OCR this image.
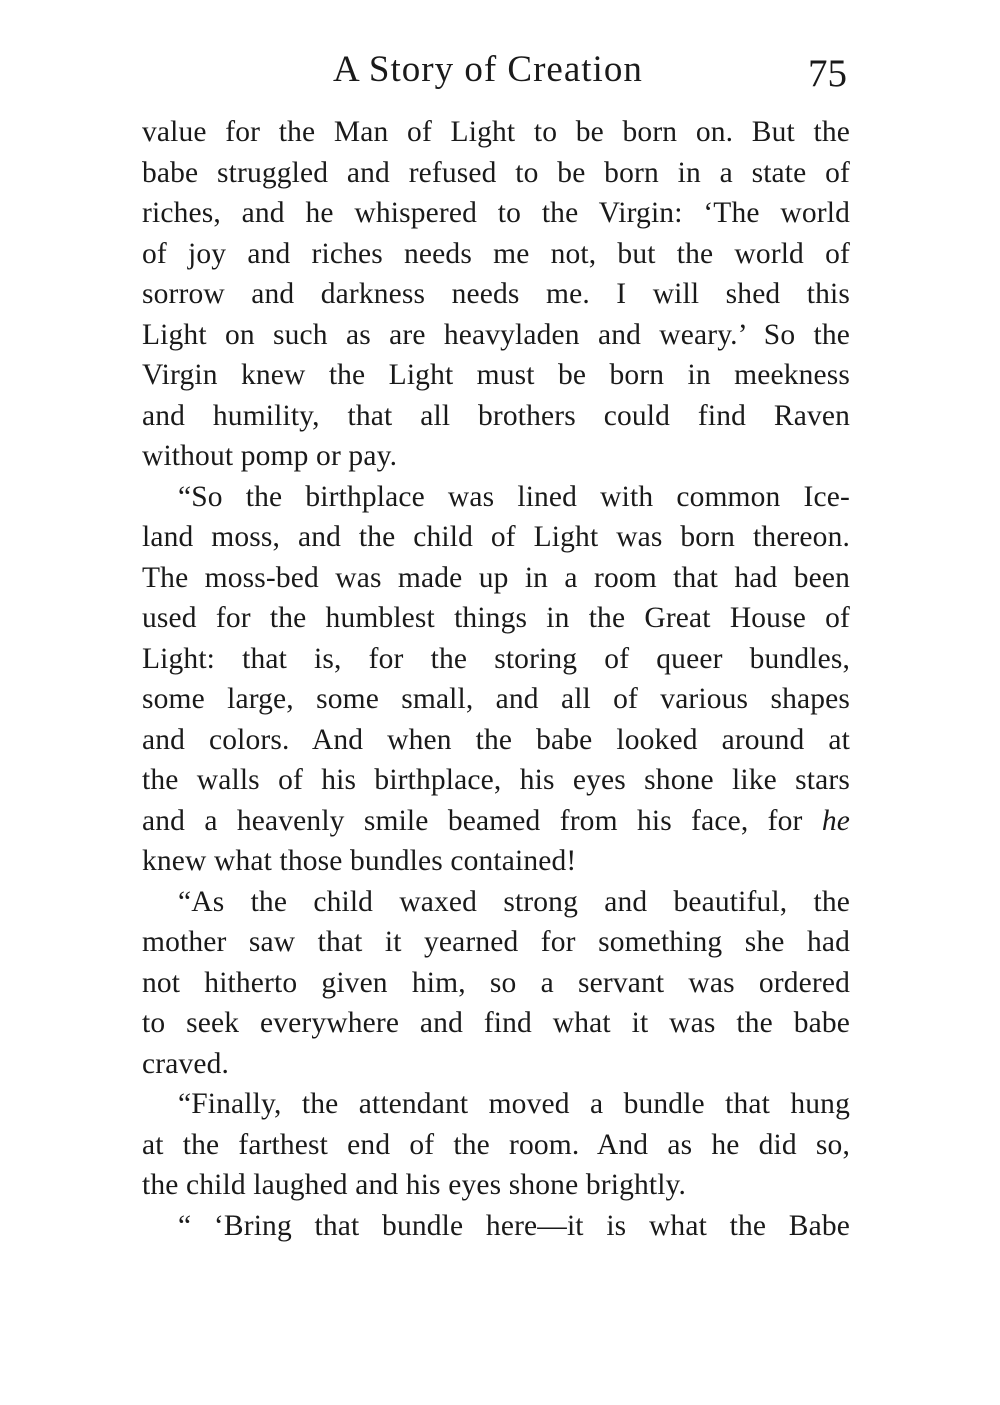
A Story of Creation	75
value for the Man of Light to be born on. But the
babe struggled and refused to be born in a state of
riches, and he whispered to the Virgin: ‘The world
of joy and riches needs me not, but the world of
sorrow and darkness needs me. I will shed this
Light on such as are heavyladen and weary.’ So the
Virgin knew the Light must be born in meekness
and humility, that all brothers could find Raven
without pomp or pay.
“So the birthplace was lined with common Ice-
land moss, and the child of Light was born thereon.
The moss-bed was made up in a room that had been
used for the humblest things in the Great House of
Light: that is, for the storing of queer bundles,
some large, some small, and all of various shapes
and colors. And when the babe looked around at
the walls of his birthplace, his eyes shone like stars
and a heavenly smile beamed from his face, for he
knew what those bundles contained!
“As the child waxed strong and beautiful, the
mother saw that it yearned for something she had
not hitherto given him, so a servant was ordered
to seek everywhere and find what it was the babe
craved.
“Finally, the attendant moved a bundle that hung
at the farthest end of the room. And as he did so,
the child laughed and his eyes shone brightly.
“ ‘Bring that bundle here—it is what the Babe
